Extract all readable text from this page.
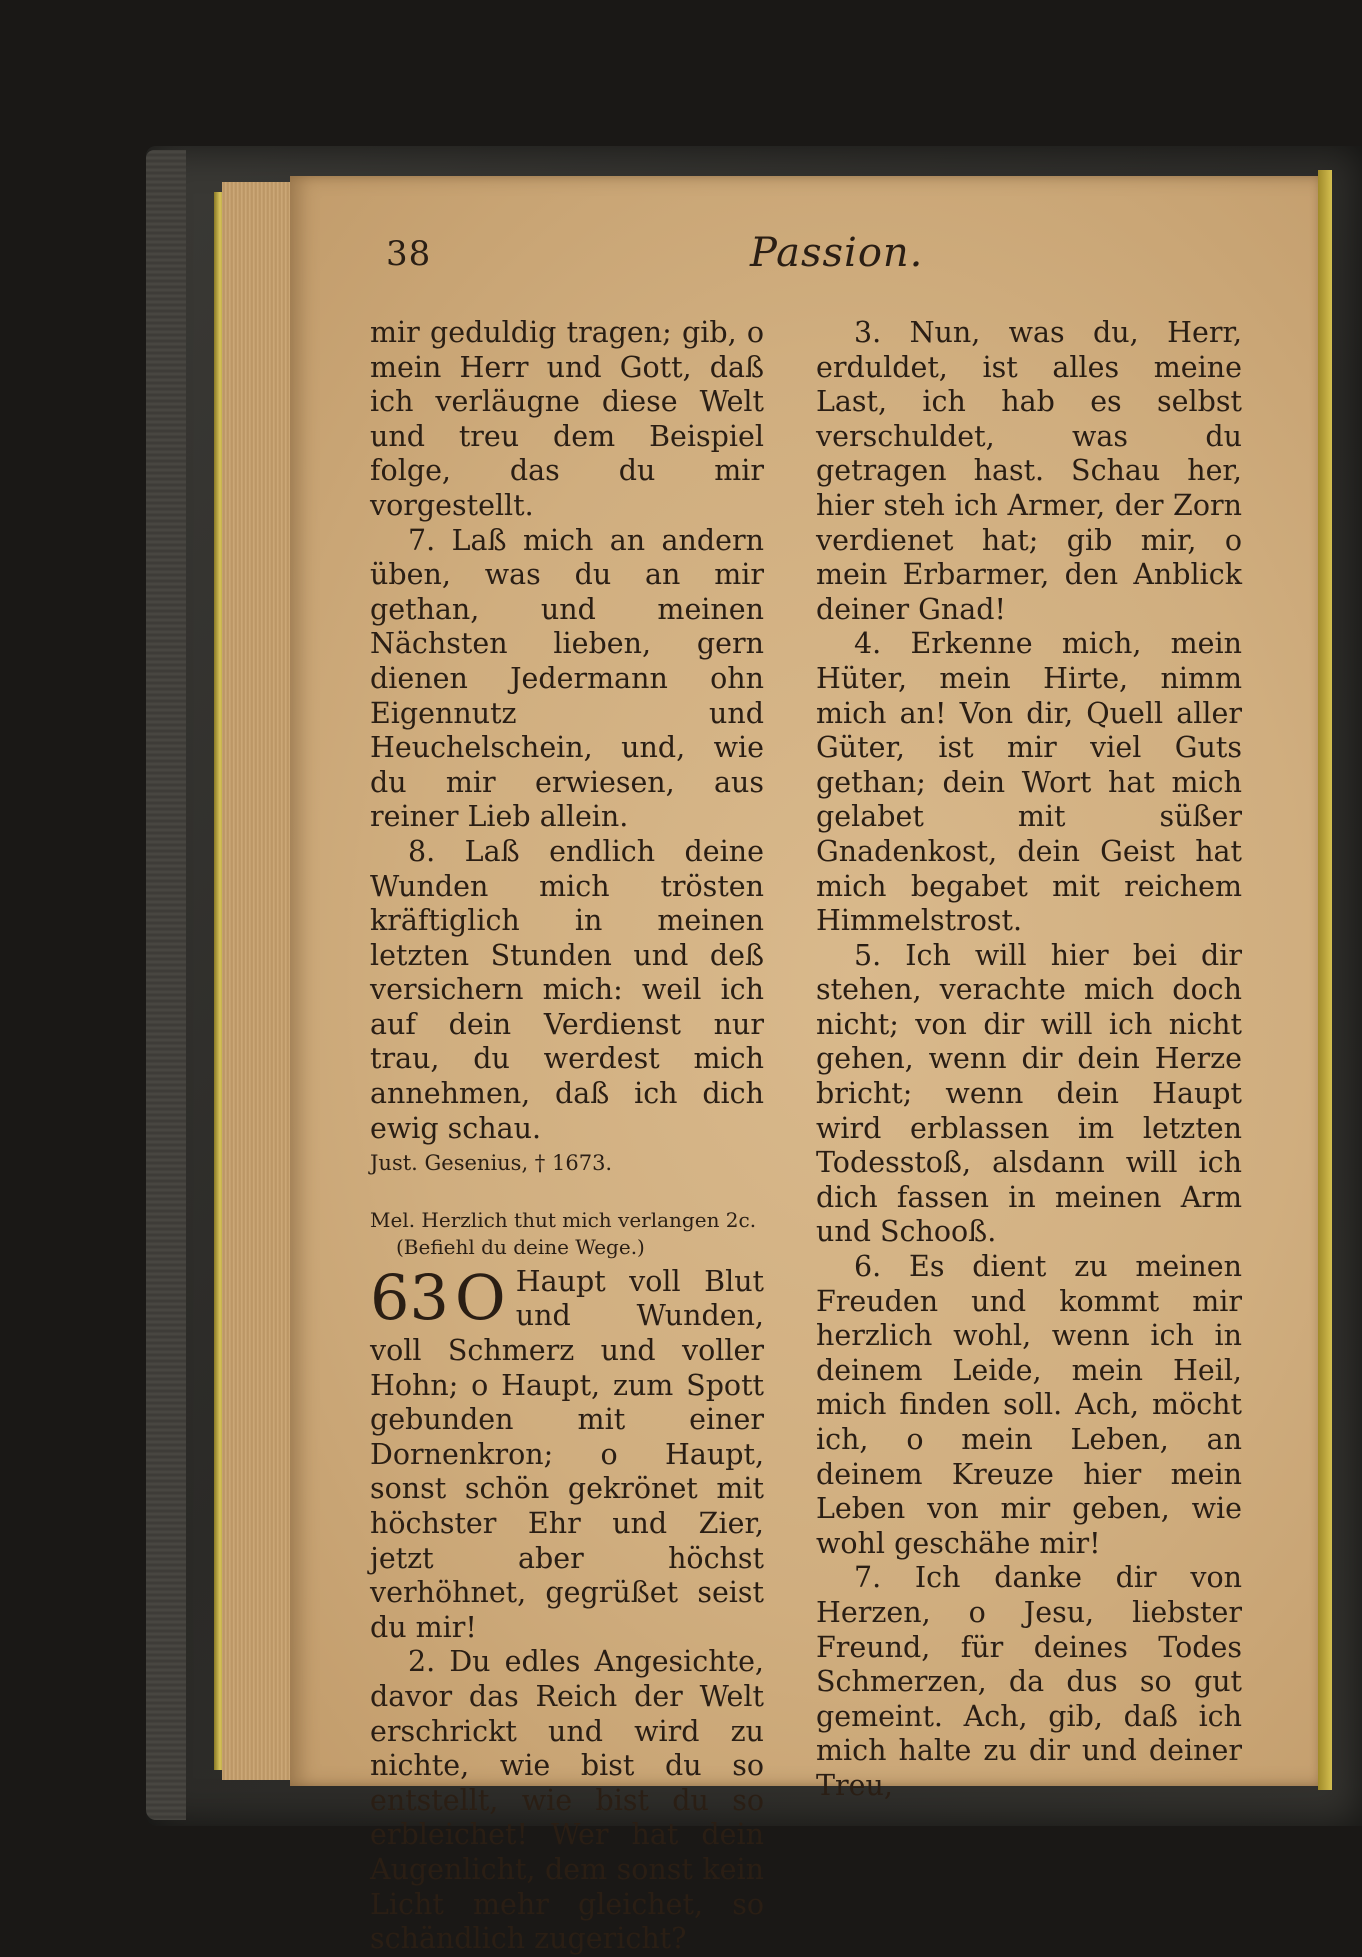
38	Passion.

mir geduldig tragen; gib, o mein Herr und Gott, daß ich verläugne diese Welt und treu dem Beispiel folge, das du mir vorgestellt.

7. Laß mich an andern üben, was du an mir gethan, und meinen Nächsten lieben, gern dienen Jedermann ohn Eigennutz und Heuchelschein, und, wie du mir erwiesen, aus reiner Lieb allein.

8. Laß endlich deine Wunden mich trösten kräftiglich in meinen letzten Stunden und deß versichern mich: weil ich auf dein Verdienst nur trau, du werdest mich annehmen, daß ich dich ewig schau.

Just. Gesenius, † 1673.

Mel. Herzlich thut mich verlangen 2c.
(Befiehl du deine Wege.)

63O Haupt voll Blut und Wunden, voll Schmerz und voller Hohn; o Haupt, zum Spott gebunden mit einer Dornenkron; o Haupt, sonst schön gekrönet mit höchster Ehr und Zier, jetzt aber höchst verhöhnet, gegrüßet seist du mir!

2. Du edles Angesichte, davor das Reich der Welt erschrickt und wird zu nichte, wie bist du so entstellt, wie bist du so erbleichet! Wer hat dein Augenlicht, dem sonst kein Licht mehr gleichet, so schändlich zugericht?

3. Nun, was du, Herr, erduldet, ist alles meine Last, ich hab es selbst verschuldet, was du getragen hast. Schau her, hier steh ich Armer, der Zorn verdienet hat; gib mir, o mein Erbarmer, den Anblick deiner Gnad!

4. Erkenne mich, mein Hüter, mein Hirte, nimm mich an! Von dir, Quell aller Güter, ist mir viel Guts gethan; dein Wort hat mich gelabet mit süßer Gnadenkost, dein Geist hat mich begabet mit reichem Himmelstrost.

5. Ich will hier bei dir stehen, verachte mich doch nicht; von dir will ich nicht gehen, wenn dir dein Herze bricht; wenn dein Haupt wird erblassen im letzten Todesstoß, alsdann will ich dich fassen in meinen Arm und Schooß.

6. Es dient zu meinen Freuden und kommt mir herzlich wohl, wenn ich in deinem Leide, mein Heil, mich finden soll. Ach, möcht ich, o mein Leben, an deinem Kreuze hier mein Leben von mir geben, wie wohl geschähe mir!

7. Ich danke dir von Herzen, o Jesu, liebster Freund, für deines Todes Schmerzen, da dus so gut gemeint. Ach, gib, daß ich mich halte zu dir und deiner Treu,
